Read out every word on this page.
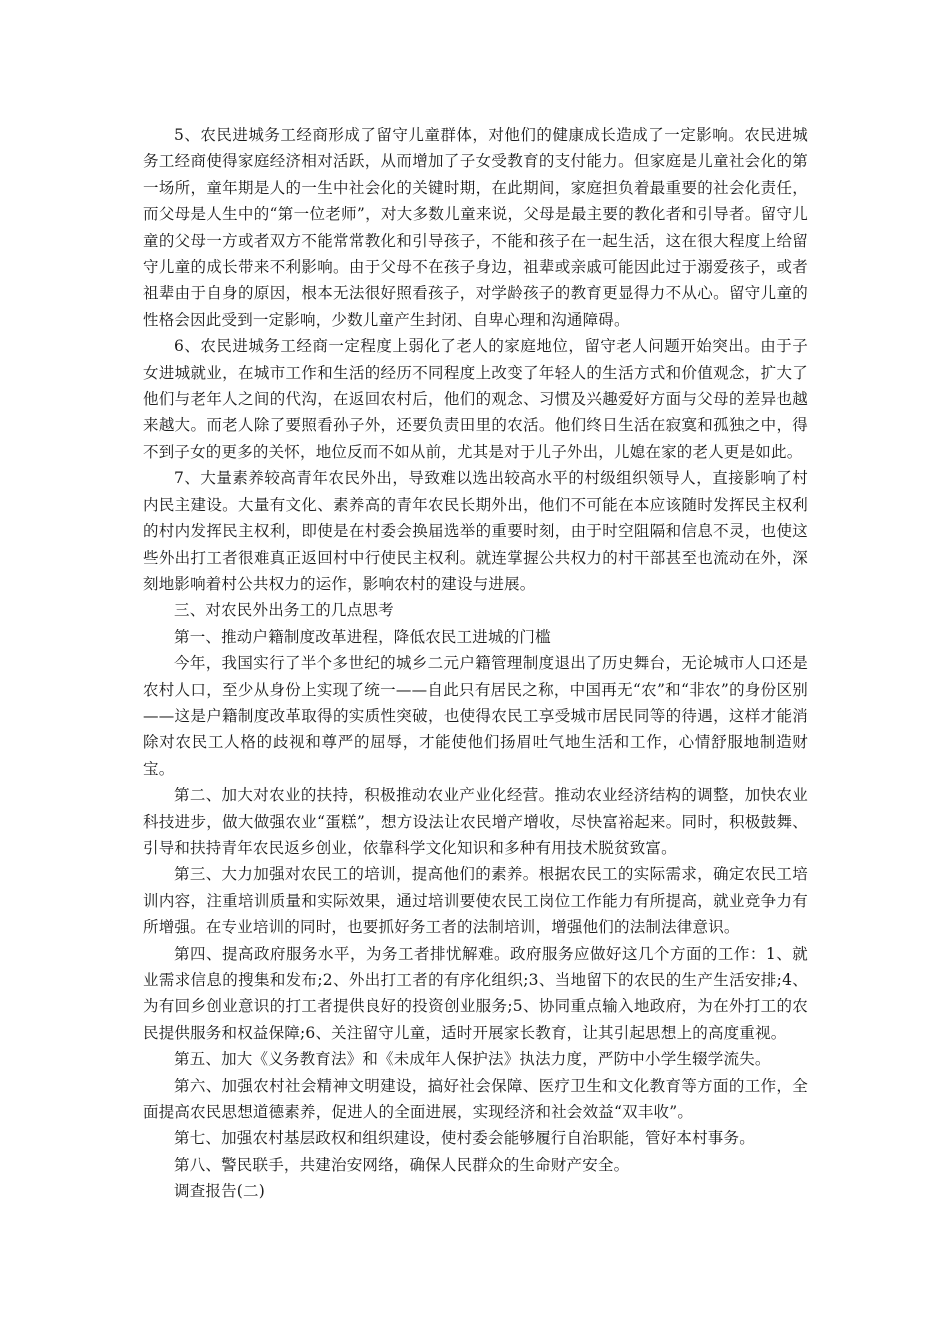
5、农民进城务工经商形成了留守儿童群体，对他们的健康成长造成了一定影响。农民进城务工经商使得家庭经济相对活跃，从而增加了子女受教育的支付能力。但家庭是儿童社会化的第一场所，童年期是人的一生中社会化的关键时期，在此期间，家庭担负着最重要的社会化责任，而父母是人生中的“第一位老师”，对大多数儿童来说，父母是最主要的教化者和引导者。留守儿童的父母一方或者双方不能常常教化和引导孩子，不能和孩子在一起生活，这在很大程度上给留守儿童的成长带来不利影响。由于父母不在孩子身边，祖辈或亲戚可能因此过于溺爱孩子，或者祖辈由于自身的原因，根本无法很好照看孩子，对学龄孩子的教育更显得力不从心。留守儿童的性格会因此受到一定影响，少数儿童产生封闭、自卑心理和沟通障碍。

6、农民进城务工经商一定程度上弱化了老人的家庭地位，留守老人问题开始突出。由于子女进城就业，在城市工作和生活的经历不同程度上改变了年轻人的生活方式和价值观念，扩大了他们与老年人之间的代沟，在返回农村后，他们的观念、习惯及兴趣爱好方面与父母的差异也越来越大。而老人除了要照看孙子外，还要负责田里的农活。他们终日生活在寂寞和孤独之中，得不到子女的更多的关怀，地位反而不如从前，尤其是对于儿子外出，儿媳在家的老人更是如此。

7、大量素养较高青年农民外出，导致难以选出较高水平的村级组织领导人，直接影响了村内民主建设。大量有文化、素养高的青年农民长期外出，他们不可能在本应该随时发挥民主权利的村内发挥民主权利，即使是在村委会换届选举的重要时刻，由于时空阻隔和信息不灵，也使这些外出打工者很难真正返回村中行使民主权利。就连掌握公共权力的村干部甚至也流动在外，深刻地影响着村公共权力的运作，影响农村的建设与进展。

三、对农民外出务工的几点思考

第一、推动户籍制度改革进程，降低农民工进城的门槛

今年，我国实行了半个多世纪的城乡二元户籍管理制度退出了历史舞台，无论城市人口还是农村人口，至少从身份上实现了统一——自此只有居民之称，中国再无“农”和“非农”的身份区别——这是户籍制度改革取得的实质性突破，也使得农民工享受城市居民同等的待遇，这样才能消除对农民工人格的歧视和尊严的屈辱，才能使他们扬眉吐气地生活和工作，心情舒服地制造财宝。

第二、加大对农业的扶持，积极推动农业产业化经营。推动农业经济结构的调整，加快农业科技进步，做大做强农业“蛋糕”，想方设法让农民增产增收，尽快富裕起来。同时，积极鼓舞、引导和扶持青年农民返乡创业，依靠科学文化知识和多种有用技术脱贫致富。

第三、大力加强对农民工的培训，提高他们的素养。根据农民工的实际需求，确定农民工培训内容，注重培训质量和实际效果，通过培训要使农民工岗位工作能力有所提高，就业竞争力有所增强。在专业培训的同时，也要抓好务工者的法制培训，增强他们的法制法律意识。

第四、提高政府服务水平，为务工者排忧解难。政府服务应做好这几个方面的工作：1、就业需求信息的搜集和发布;2、外出打工者的有序化组织;3、当地留下的农民的生产生活安排;4、为有回乡创业意识的打工者提供良好的投资创业服务;5、协同重点输入地政府，为在外打工的农民提供服务和权益保障;6、关注留守儿童，适时开展家长教育，让其引起思想上的高度重视。

第五、加大《义务教育法》和《未成年人保护法》执法力度，严防中小学生辍学流失。

第六、加强农村社会精神文明建设，搞好社会保障、医疗卫生和文化教育等方面的工作，全面提高农民思想道德素养，促进人的全面进展，实现经济和社会效益“双丰收”。

第七、加强农村基层政权和组织建设，使村委会能够履行自治职能，管好本村事务。

第八、警民联手，共建治安网络，确保人民群众的生命财产安全。

调查报告(二)
